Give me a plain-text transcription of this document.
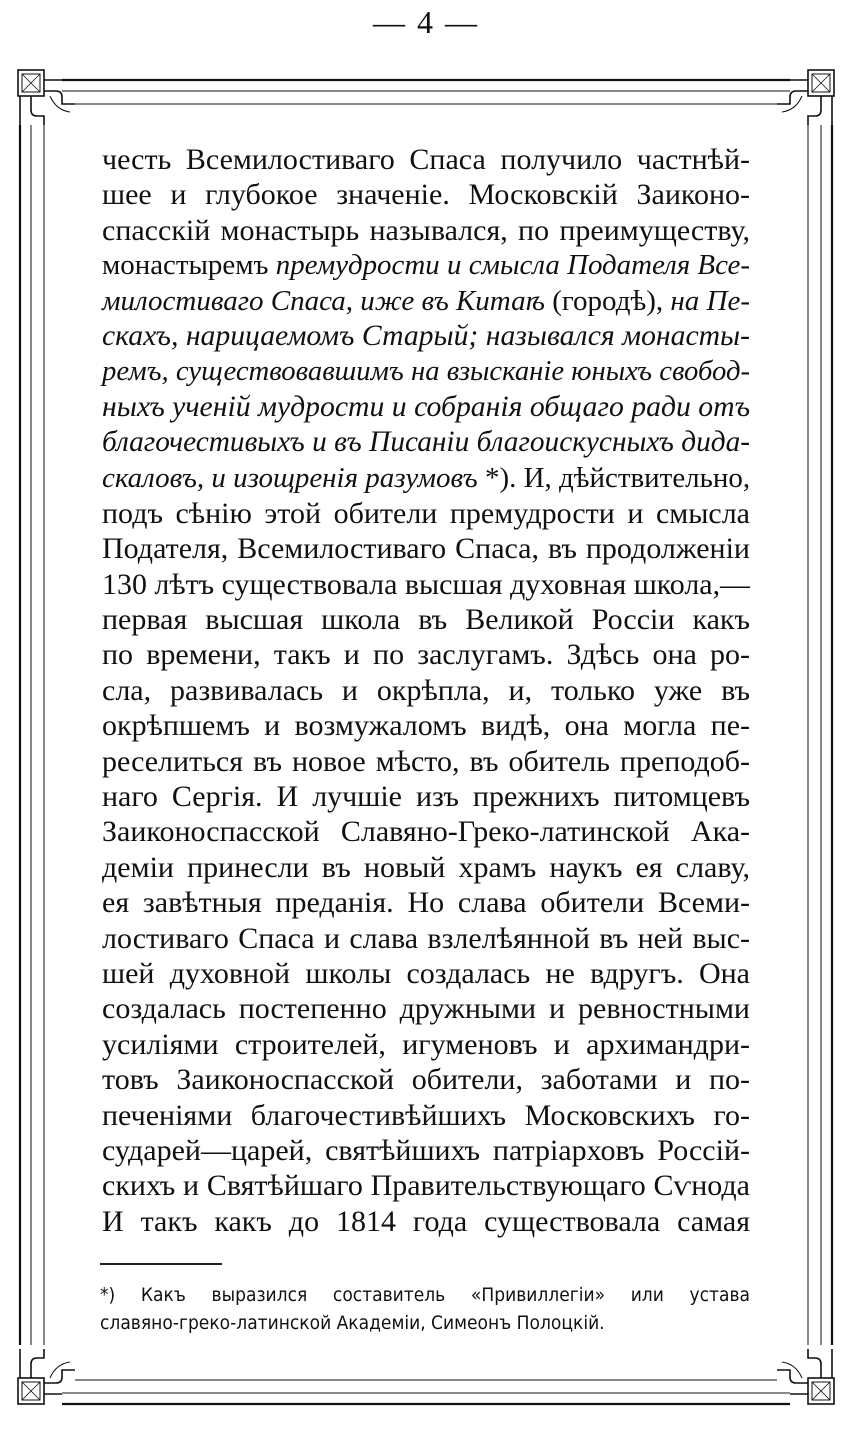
— 4 —
честь Всемилостиваго Спаса получило частнѣй-
шее и глубокое значеніе. Московскій Заиконо-
спасскій монастырь назывался, по преимуществу,
монастыремъ премудрости и смысла Подателя Все-
милостиваго Спаса, иже въ Китаѣ (городѣ), на Пе-
скахъ, нарицаемомъ Старый; назывался монасты-
ремъ, существовавшимъ на взысканіе юныхъ свобод-
ныхъ ученій мудрости и собранія общаго ради отъ
благочестивыхъ и въ Писаніи благоискусныхъ дида-
скаловъ, и изощренія разумовъ *). И, дѣйствительно,
подъ сѣнію этой обители премудрости и смысла
Подателя, Всемилостиваго Спаса, въ продолженіи
130 лѣтъ существовала высшая духовная школа,—
первая высшая школа въ Великой Россіи какъ
по времени, такъ и по заслугамъ. Здѣсь она ро-
сла, развивалась и окрѣпла, и, только уже въ
окрѣпшемъ и возмужаломъ видѣ, она могла пе-
реселиться въ новое мѣсто, въ обитель преподоб-
наго Сергія. И лучшіе изъ прежнихъ питомцевъ
Заиконоспасской Славяно-Греко-латинской Ака-
деміи принесли въ новый храмъ наукъ ея славу,
ея завѣтныя преданія. Но слава обители Всеми-
лостиваго Спаса и слава взлелѣянной въ ней выс-
шей духовной школы создалась не вдругъ. Она
создалась постепенно дружными и ревностными
усиліями строителей, игуменовъ и архимандри-
товъ Заиконоспасской обители, заботами и по-
печеніями благочестивѣйшихъ Московскихъ го-
сударей—царей, святѣйшихъ патріарховъ Россій-
скихъ и Святѣйшаго Правительствующаго Сѵнода
И такъ какъ до 1814 года существовала самая
*) Какъ выразился составитель «Привиллегіи» или устава
славяно-греко-латинской Академіи, Симеонъ Полоцкій.
